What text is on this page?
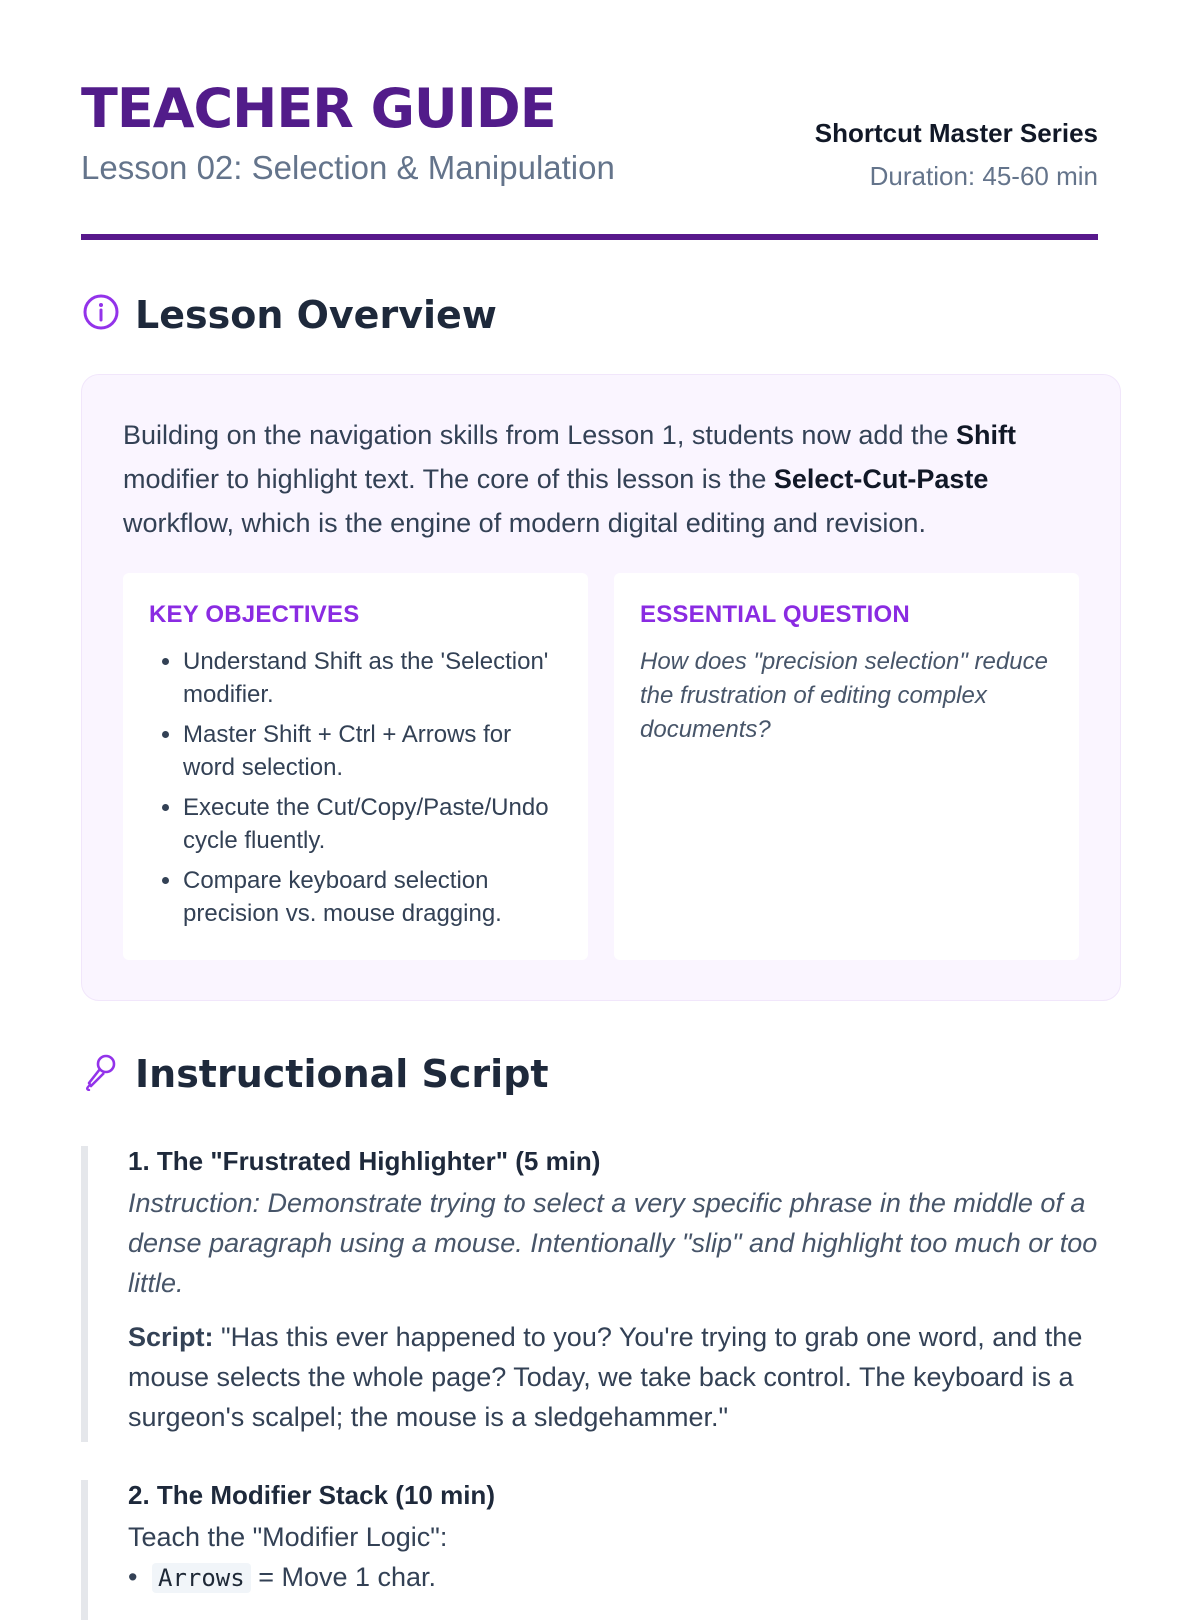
TEACHER GUIDE

Lesson 02: Selection & Manipulation

Shortcut Master Series
Duration: 45-60 min
Lesson Overview

Building on the navigation skills from Lesson 1, students now add the Shift modifier to highlight text. The core of this lesson is the Select-Cut-Paste workflow, which is the engine of modern digital editing and revision.

KEY OBJECTIVES
• Understand Shift as the 'Selection' modifier.
• Master Shift + Ctrl + Arrows for word selection.
• Execute the Cut/Copy/Paste/Undo cycle fluently.
• Compare keyboard selection precision vs. mouse dragging.
ESSENTIAL QUESTION

How does "precision selection" reduce the frustration of editing complex documents?

Instructional Script
1. The "Frustrated Highlighter" (5 min)

Instruction: Demonstrate trying to select a very specific phrase in the middle of a dense paragraph using a mouse. Intentionally "slip" and highlight too much or too little.

Script: "Has this ever happened to you? You're trying to grab one word, and the mouse selects the whole page? Today, we take back control. The keyboard is a surgeon's scalpel; the mouse is a sledgehammer."

2. The Modifier Stack (10 min)

Teach the "Modifier Logic":

• Arrows = Move 1 char.
